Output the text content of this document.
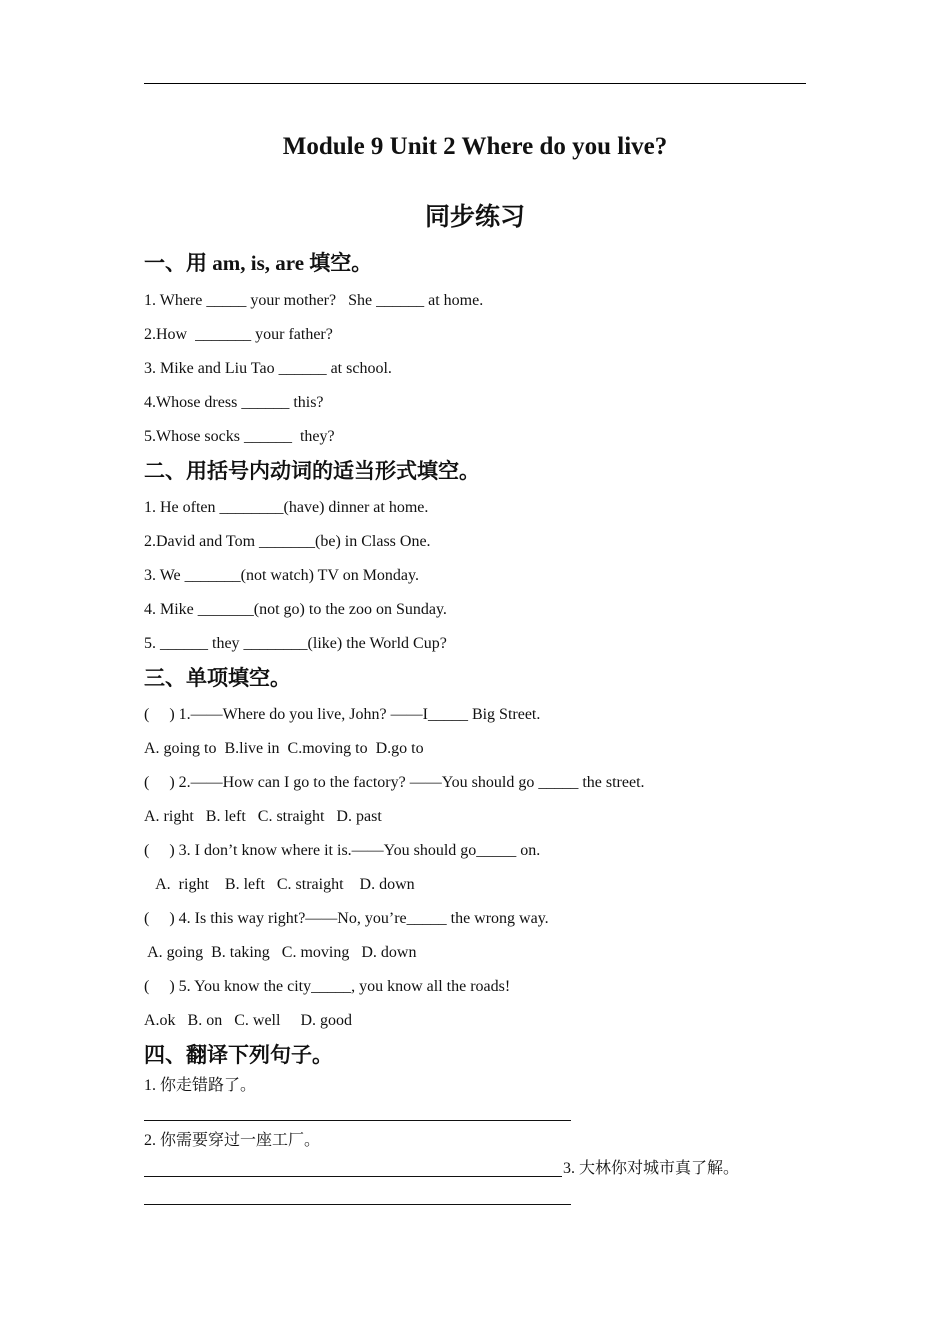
Module 9 Unit 2 Where do you live?
同步练习
一、用 am, is, are 填空。
1. Where _____ your mother?   She ______ at home.
2.How  _______ your father?
3. Mike and Liu Tao ______ at school.
4.Whose dress ______ this?
5.Whose socks ______  they?
二、用括号内动词的适当形式填空。
1. He often ________(have) dinner at home.
2.David and Tom _______(be) in Class One.
3. We _______(not watch) TV on Monday.
4. Mike _______(not go) to the zoo on Sunday.
5. ______ they ________(like) the World Cup?
三、单项填空。
(     ) 1.——Where do you live, John? ——I_____ Big Street.
A. going to  B.live in  C.moving to  D.go to
(     ) 2.——How can I go to the factory? ——You should go _____ the street.
A. right   B. left   C. straight   D. past
(     ) 3. I don’t know where it is.——You should go_____ on.
A.  right    B. left   C. straight    D. down
(     ) 4. Is this way right?——No, you’re_____ the wrong way.
A. going  B. taking   C. moving   D. down
(     ) 5. You know the city_____, you know all the roads!
A.ok   B. on   C. well     D. good
四、翻译下列句子。
1. 你走错路了。
2. 你需要穿过一座工厂。
3. 大林你对城市真了解。
